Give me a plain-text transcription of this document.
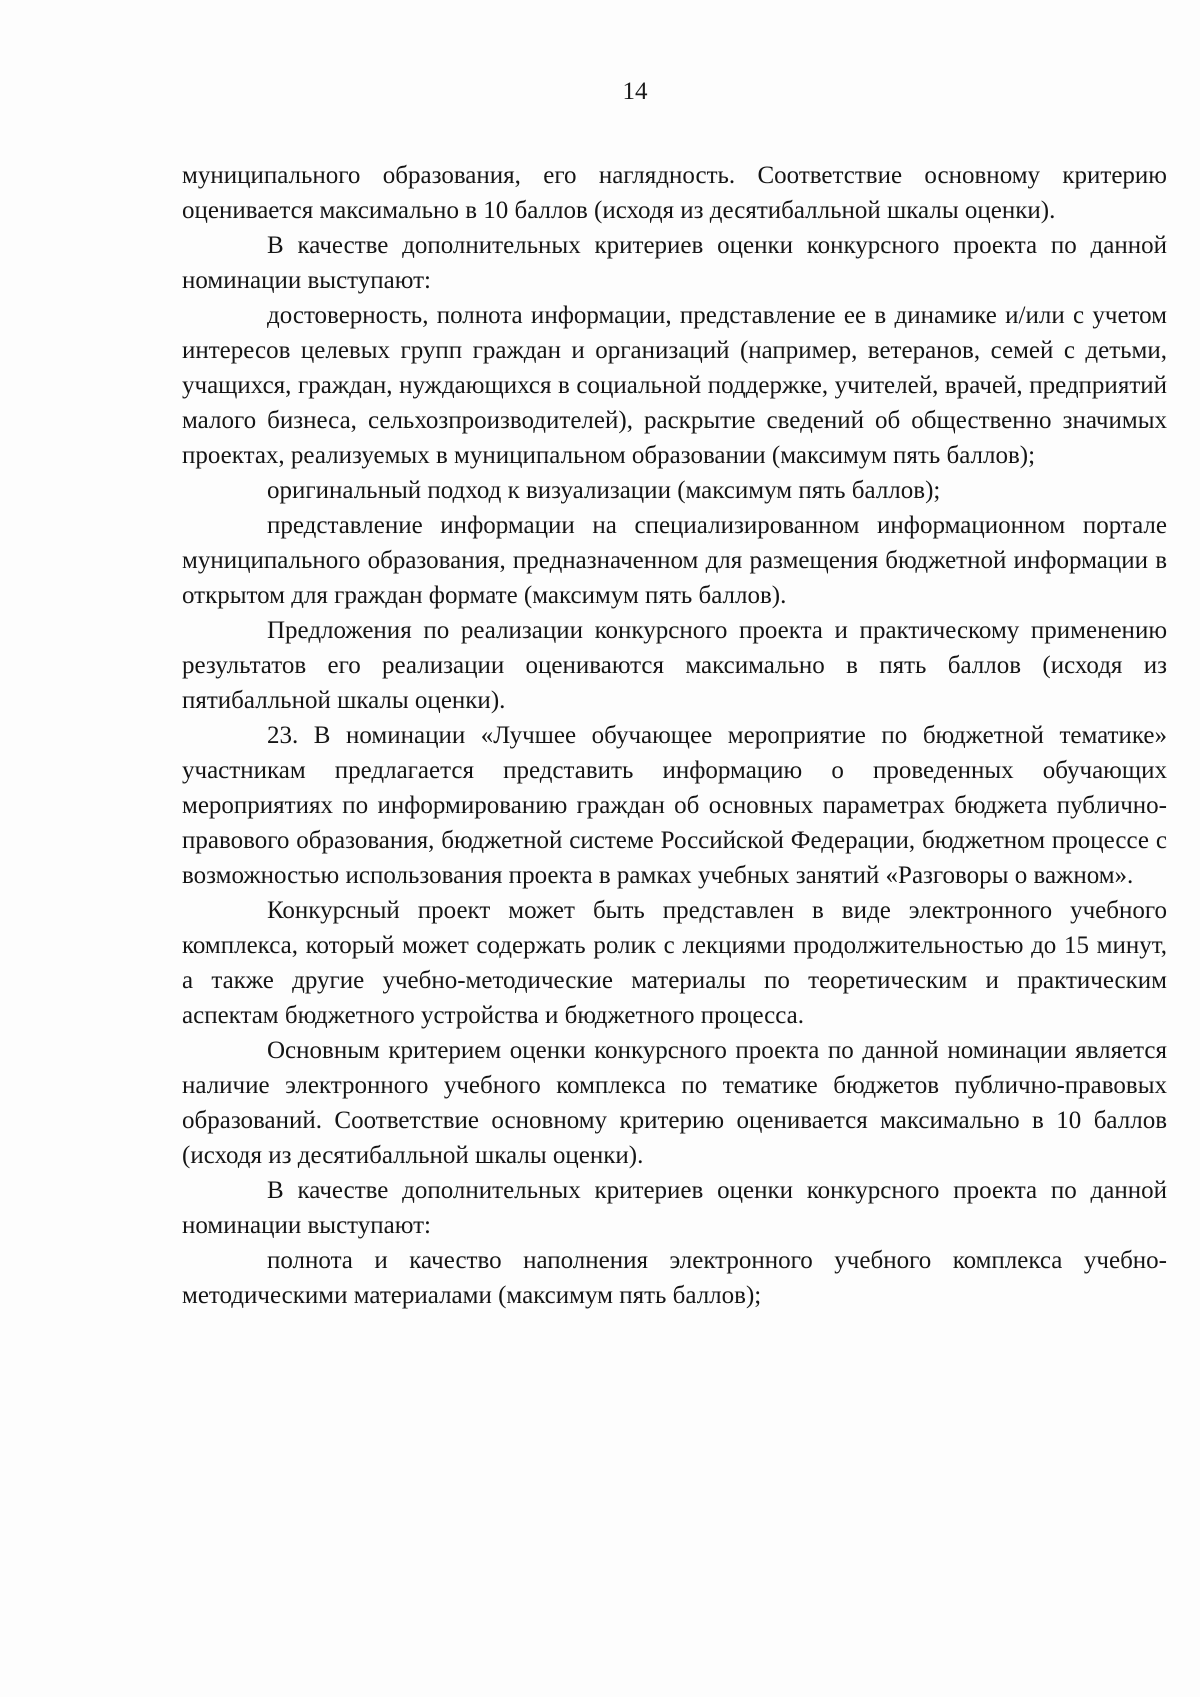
14

муниципального образования, его наглядность. Соответствие основному критерию оценивается максимально в 10 баллов (исходя из десятибалльной шкалы оценки).

В качестве дополнительных критериев оценки конкурсного проекта по данной номинации выступают:

достоверность, полнота информации, представление ее в динамике и/или с учетом интересов целевых групп граждан и организаций (например, ветеранов, семей с детьми, учащихся, граждан, нуждающихся в социальной поддержке, учителей, врачей, предприятий малого бизнеса, сельхозпроизводителей), раскрытие сведений об общественно значимых проектах, реализуемых в муниципальном образовании (максимум пять баллов);

оригинальный подход к визуализации (максимум пять баллов);

представление информации на специализированном информационном портале муниципального образования, предназначенном для размещения бюджетной информации в открытом для граждан формате (максимум пять баллов).

Предложения по реализации конкурсного проекта и практическому применению результатов его реализации оцениваются максимально в пять баллов (исходя из пятибалльной шкалы оценки).

23. В номинации «Лучшее обучающее мероприятие по бюджетной тематике» участникам предлагается представить информацию о проведенных обучающих мероприятиях по информированию граждан об основных параметрах бюджета публично-правового образования, бюджетной системе Российской Федерации, бюджетном процессе с возможностью использования проекта в рамках учебных занятий «Разговоры о важном».

Конкурсный проект может быть представлен в виде электронного учебного комплекса, который может содержать ролик с лекциями продолжительностью до 15 минут, а также другие учебно-методические материалы по теоретическим и практическим аспектам бюджетного устройства и бюджетного процесса.

Основным критерием оценки конкурсного проекта по данной номинации является наличие электронного учебного комплекса по тематике бюджетов публично-правовых образований. Соответствие основному критерию оценивается максимально в 10 баллов (исходя из десятибалльной шкалы оценки).

В качестве дополнительных критериев оценки конкурсного проекта по данной номинации выступают:

полнота и качество наполнения электронного учебного комплекса учебно-методическими материалами (максимум пять баллов);
